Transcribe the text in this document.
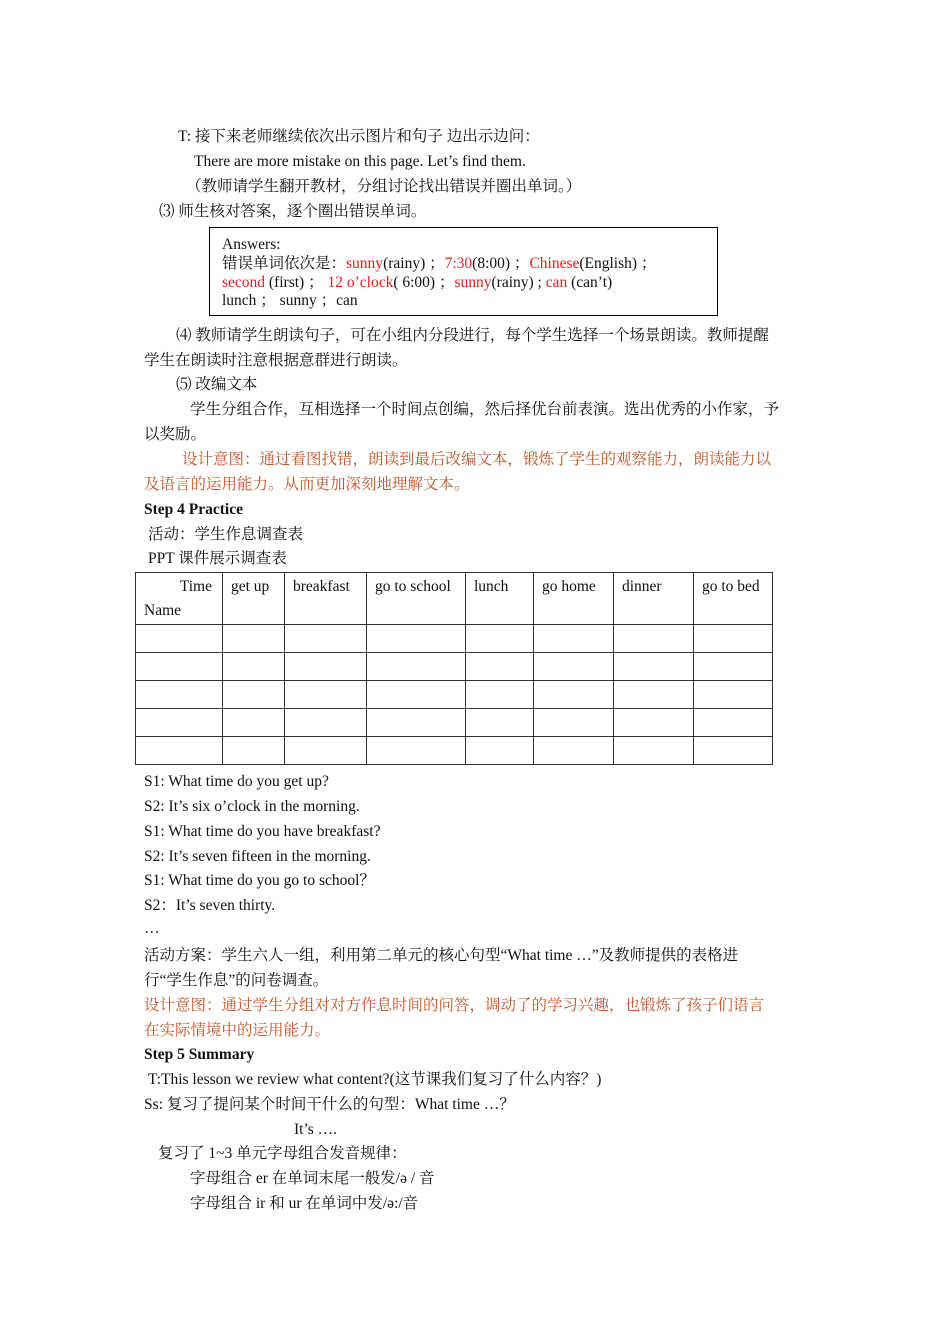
T: 接下来老师继续依次出示图片和句子 边出示边问：
There are more mistake on this page. Let’s find them.
（教师请学生翻开教材，分组讨论找出错误并圈出单词。）
⑶ 师生核对答案，逐个圈出错误单词。
Answers:
错误单词依次是：sunny(rainy) ；7:30(8:00) ；Chinese(English) ；
second (first) ； 12 o’clock( 6:00) ；sunny(rainy) ; can (can’t)
lunch ； sunny ；can
⑷ 教师请学生朗读句子，可在小组内分段进行，每个学生选择一个场景朗读。教师提醒
学生在朗读时注意根据意群进行朗读。
⑸ 改编文本
学生分组合作，互相选择一个时间点创编，然后择优台前表演。选出优秀的小作家，予
以奖励。
设计意图：通过看图找错，朗读到最后改编文本，锻炼了学生的观察能力，朗读能力以
及语言的运用能力。从而更加深刻地理解文本。
Step 4 Practice
活动：学生作息调查表
PPT 课件展示调查表
Time
Name	get up	breakfast	go to school	lunch	go home	dinner	go to bed

S1: What time do you get up?
S2: It’s six o’clock in the morning.
S1: What time do you have breakfast?
S2: It’s seven fifteen in the morning.
S1: What time do you go to school？
S2：It’s seven thirty.
…
活动方案：学生六人一组，利用第二单元的核心句型“What time …”及教师提供的表格进
行“学生作息”的问卷调查。
设计意图：通过学生分组对对方作息时间的问答，调动了的学习兴趣，也锻炼了孩子们语言
在实际情境中的运用能力。
Step 5 Summary
T:This lesson we review what content?(这节课我们复习了什么内容？)
Ss: 复习了提问某个时间干什么的句型：What time …？
It’s ….
复习了 1~3 单元字母组合发音规律：
字母组合 er 在单词末尾一般发/ə / 音
字母组合 ir 和 ur 在单词中发/ə:/音
